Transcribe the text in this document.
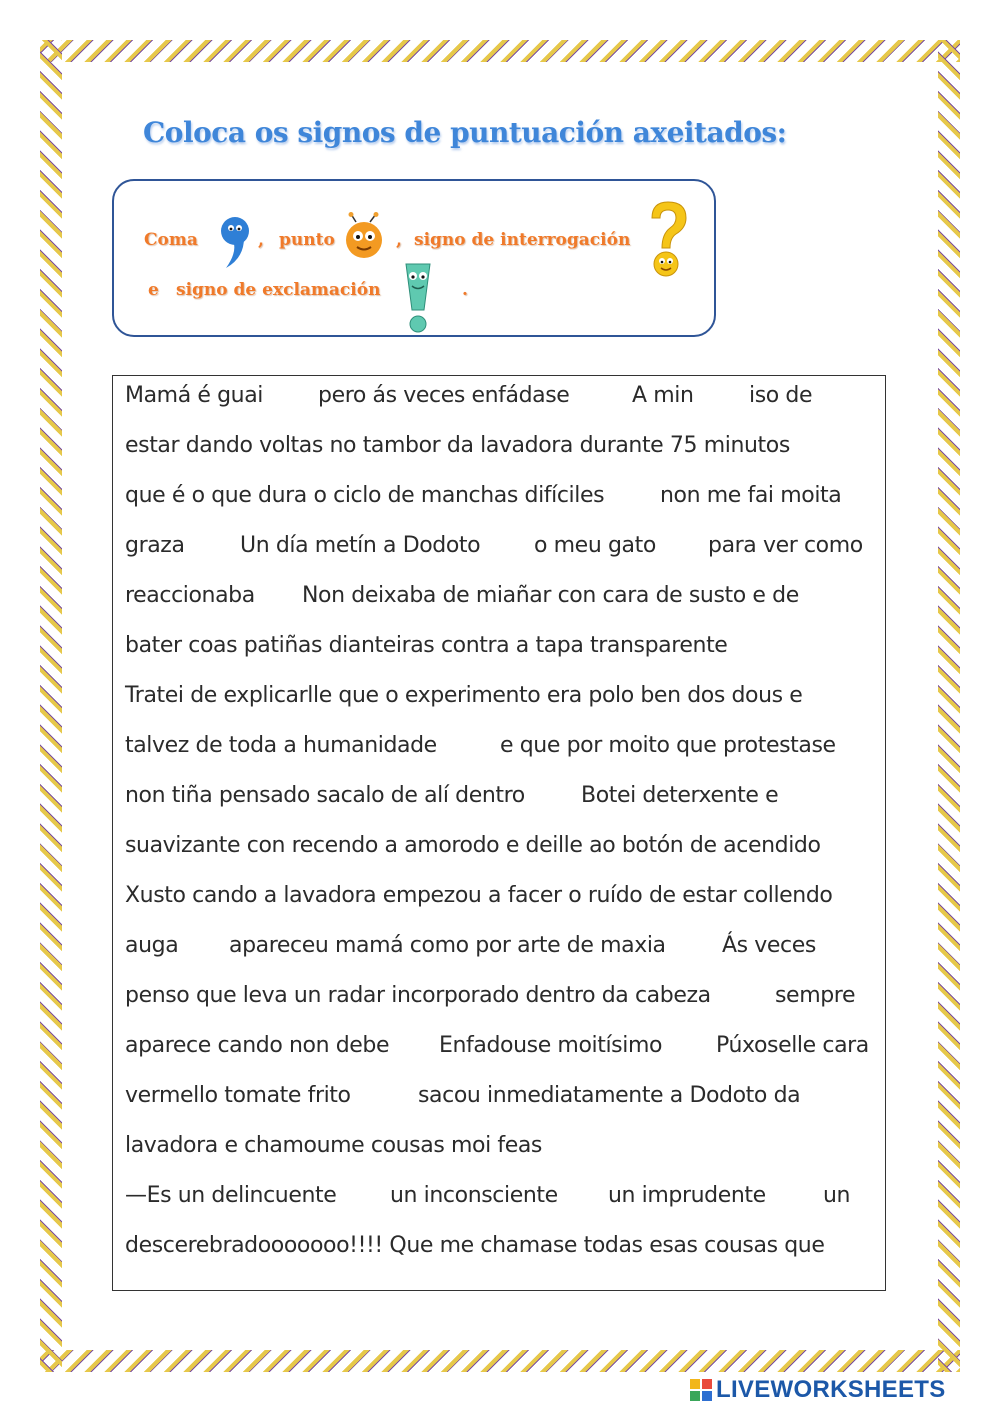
Coloca os signos de puntuación axeitados:
Coma	, punto	, signo de interrogación
e signo de exclamación	.
Mamá é guai	pero ás veces enfádase	A min	iso de
estar dando voltas no tambor da lavadora durante 75 minutos
que é o que dura o ciclo de manchas difíciles	non me fai moita
graza	Un día metín a Dodoto o meu gato para ver como
reaccionaba Non deixaba de miañar con cara de susto e de
bater coas patiñas dianteiras contra a tapa transparente
Tratei de explicarlle que o experimento era polo ben dos dous e
talvez de toda a humanidade	e que por moito que protestase
non tiña pensado sacalo de alí dentro	Botei deterxente e
suavizante con recendo a amorodo e deille ao botón de acendido
Xusto cando a lavadora empezou a facer o ruído de estar collendo
auga apareceu mamá como por arte de maxia	Ás veces
penso que leva un radar incorporado dentro da cabeza	sempre
aparece cando non debe Enfadouse moitísimo Púxoselle cara
vermello tomate frito	sacou inmediatamente a Dodoto da
lavadora e chamoume cousas moi feas
—Es un delincuente un inconsciente un imprudente	un
descerebradooooooo!!!! Que me chamase todas esas cousas que
LIVEWORKSHEETS
